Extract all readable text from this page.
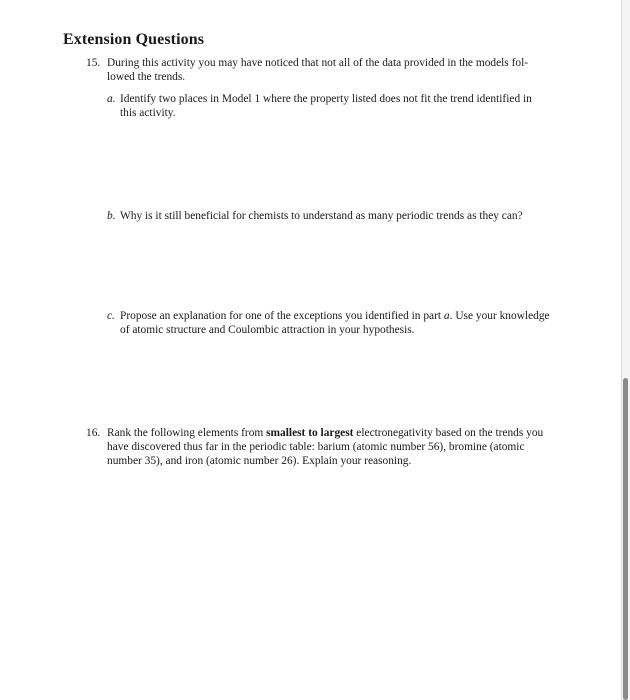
Extension Questions
15. During this activity you may have noticed that not all of the data provided in the models fol-
lowed the trends.
a. Identify two places in Model 1 where the property listed does not fit the trend identified in
this activity.
b. Why is it still beneficial for chemists to understand as many periodic trends as they can?
c. Propose an explanation for one of the exceptions you identified in part a. Use your knowledge
of atomic structure and Coulombic attraction in your hypothesis.
16. Rank the following elements from smallest to largest electronegativity based on the trends you
have discovered thus far in the periodic table: barium (atomic number 56), bromine (atomic
number 35), and iron (atomic number 26). Explain your reasoning.
